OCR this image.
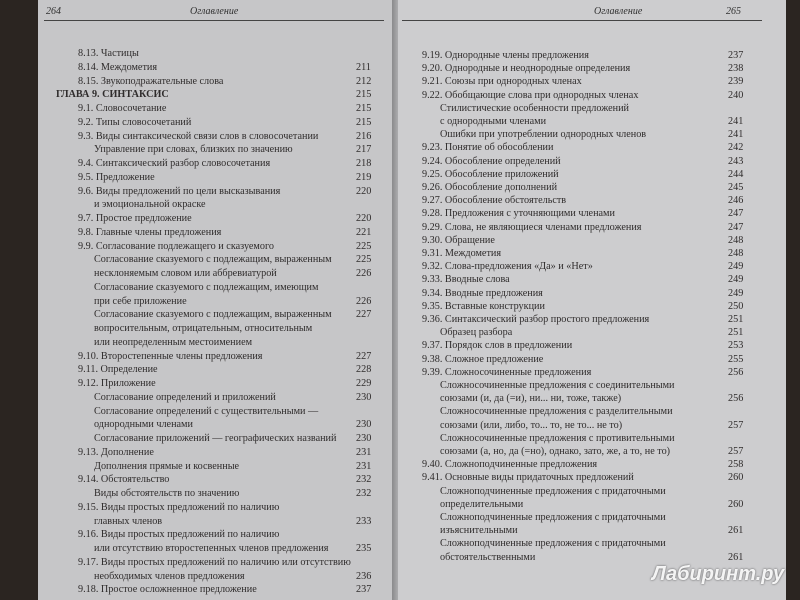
264	Оглавление
8.13. Частицы
8.14. Междометия	211
8.15. Звукоподражательные слова	212
ГЛАВА 9. СИНТАКСИС	215
9.1. Словосочетание	215
9.2. Типы словосочетаний	215
9.3. Виды синтаксической связи слов в словосочетании	216
Управление при словах, близких по значению	217
9.4. Синтаксический разбор словосочетания	218
9.5. Предложение	219
9.6. Виды предложений по цели высказывания	220
и эмоциональной окраске
9.7. Простое предложение	220
9.8. Главные члены предложения	221
9.9. Согласование подлежащего и сказуемого	225
Согласование сказуемого с подлежащим, выраженным 225
несклоняемым словом или аббревиатурой	226
Согласование сказуемого с подлежащим, имеющим
при себе приложение	226
Согласование сказуемого с подлежащим, выраженным 227
вопросительным, отрицательным, относительным
или неопределенным местоимением
9.10. Второстепенные члены предложения	227
9.11. Определение	228
9.12. Приложение	229
Согласование определений и приложений	230
Согласование определений с существительными —
однородными членами	230
Согласование приложений — географических названий 230
9.13. Дополнение	231
Дополнения прямые и косвенные	231
9.14. Обстоятельство	232
Виды обстоятельств по значению	232
9.15. Виды простых предложений по наличию
главных членов	233
9.16. Виды простых предложений по наличию
или отсутствию второстепенных членов предложения	235
9.17. Виды простых предложений по наличию или отсутствию
необходимых членов предложения	236
9.18. Простое осложненное предложение	237
Оглавление	265
9.19. Однородные члены предложения	237
9.20. Однородные и неоднородные определения	238
9.21. Союзы при однородных членах	239
9.22. Обобщающие слова при однородных членах	240
Стилистические особенности предложений
с однородными членами	241
Ошибки при употреблении однородных членов	241
9.23. Понятие об обособлении	242
9.24. Обособление определений	243
9.25. Обособление приложений	244
9.26. Обособление дополнений	245
9.27. Обособление обстоятельств	246
9.28. Предложения с уточняющими членами	247
9.29. Слова, не являющиеся членами предложения	247
9.30. Обращение	248
9.31. Междометия	248
9.32. Слова-предложения «Да» и «Нет»	249
9.33. Вводные слова	249
9.34. Вводные предложения	249
9.35. Вставные конструкции	250
9.36. Синтаксический разбор простого предложения	251
Образец разбора	251
9.37. Порядок слов в предложении	253
9.38. Сложное предложение	255
9.39. Сложносочиненные предложения	256
Сложносочиненные предложения с соединительными
союзами (и, да (=и), ни... ни, тоже, также)	256
Сложносочиненные предложения с разделительными
союзами (или, либо, то... то, не то... не то)	257
Сложносочиненные предложения с противительными
союзами (а, но, да (=но), однако, зато, же, а то, не то)	257
9.40. Сложноподчиненные предложения	258
9.41. Основные виды придаточных предложений	260
Сложноподчиненные предложения с придаточными
определительными	260
Сложноподчиненные предложения с придаточными
изъяснительными	261
Сложноподчиненные предложения с придаточными
обстоятельственными	261
Лабиринт.ру
